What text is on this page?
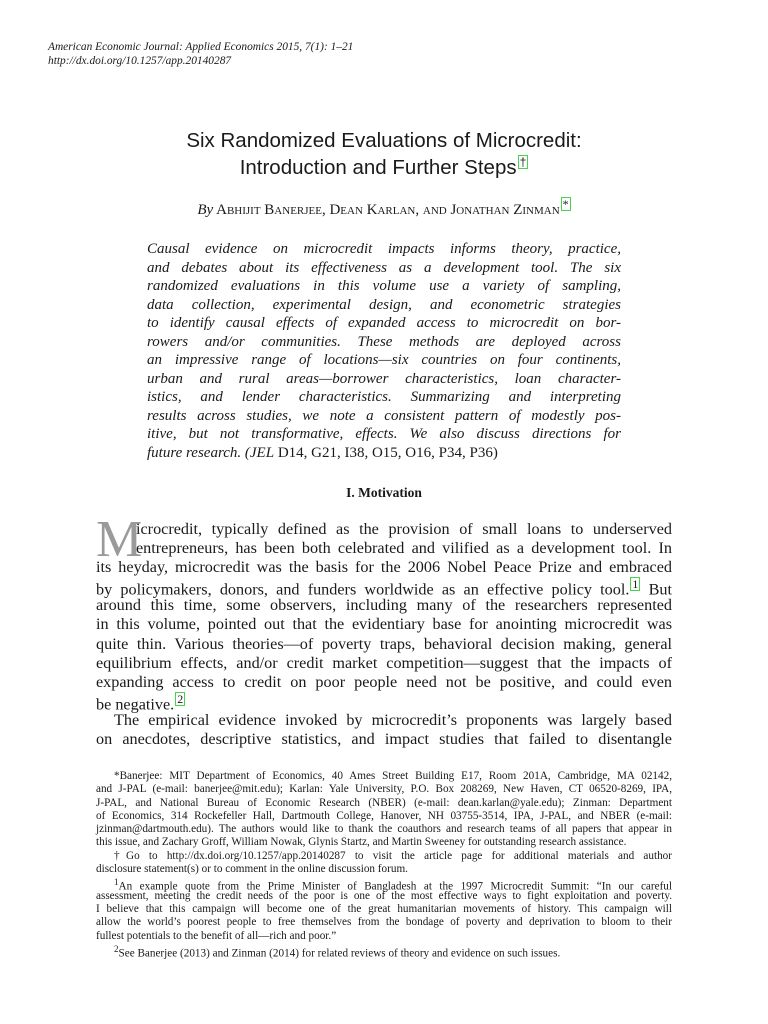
American Economic Journal: Applied Economics 2015, 7(1): 1–21
http://dx.doi.org/10.1257/app.20140287
Six Randomized Evaluations of Microcredit:
Introduction and Further Steps †
By Abhijit Banerjee, Dean Karlan, and Jonathan Zinman *
Causal evidence on microcredit impacts informs theory, practice,
and debates about its effectiveness as a development tool. The six
randomized evaluations in this volume use a variety of sampling,
data collection, experimental design, and econometric strategies
to identify causal effects of expanded access to microcredit on bor-
rowers and/or communities. These methods are deployed across
an impressive range of locations—six countries on four continents,
urban and rural areas—borrower characteristics, loan character-
istics, and lender characteristics. Summarizing and interpreting
results across studies, we note a consistent pattern of modestly pos-
itive, but not transformative, effects. We also discuss directions for
future research. (JEL D14, G21, I38, O15, O16, P34, P36)
I. Motivation
M
icrocredit, typically defined as the provision of small loans to underserved
entrepreneurs, has been both celebrated and vilified as a development tool. In
its heyday, microcredit was the basis for the 2006 Nobel Peace Prize and embraced
by policymakers, donors, and funders worldwide as an effective policy tool. 1 But
around this time, some observers, including many of the researchers represented
in this volume, pointed out that the evidentiary base for anointing microcredit was
quite thin. Various theories—of poverty traps, behavioral decision making, general
equilibrium effects, and/or credit market competition—suggest that the impacts of
expanding access to credit on poor people need not be positive, and could even
be negative. 2
The empirical evidence invoked by microcredit’s proponents was largely based
on anecdotes, descriptive statistics, and impact studies that failed to disentangle
*Banerjee: MIT Department of Economics, 40 Ames Street Building E17, Room 201A, Cambridge, MA 02142,
and J-PAL (e-mail: banerjee@mit.edu); Karlan: Yale University, P.O. Box 208269, New Haven, CT 06520-8269, IPA,
J-PAL, and National Bureau of Economic Research (NBER) (e-mail: dean.karlan@yale.edu); Zinman: Department
of Economics, 314 Rockefeller Hall, Dartmouth College, Hanover, NH 03755-3514, IPA, J-PAL, and NBER (e-mail:
jzinman@dartmouth.edu). The authors would like to thank the coauthors and research teams of all papers that appear in
this issue, and Zachary Groff, William Nowak, Glynis Startz, and Martin Sweeney for outstanding research assistance.
†Go to http://dx.doi.org/10.1257/app.20140287 to visit the article page for additional materials and author
disclosure statement(s) or to comment in the online discussion forum.
$^1$An example quote from the Prime Minister of Bangladesh at the 1997 Microcredit Summit: “In our careful
assessment, meeting the credit needs of the poor is one of the most effective ways to fight exploitation and poverty.
I believe that this campaign will become one of the great humanitarian movements of history. This campaign will
allow the world’s poorest people to free themselves from the bondage of poverty and deprivation to bloom to their
fullest potentials to the benefit of all—rich and poor.”
$^2$See Banerjee (2013) and Zinman (2014) for related reviews of theory and evidence on such issues.
